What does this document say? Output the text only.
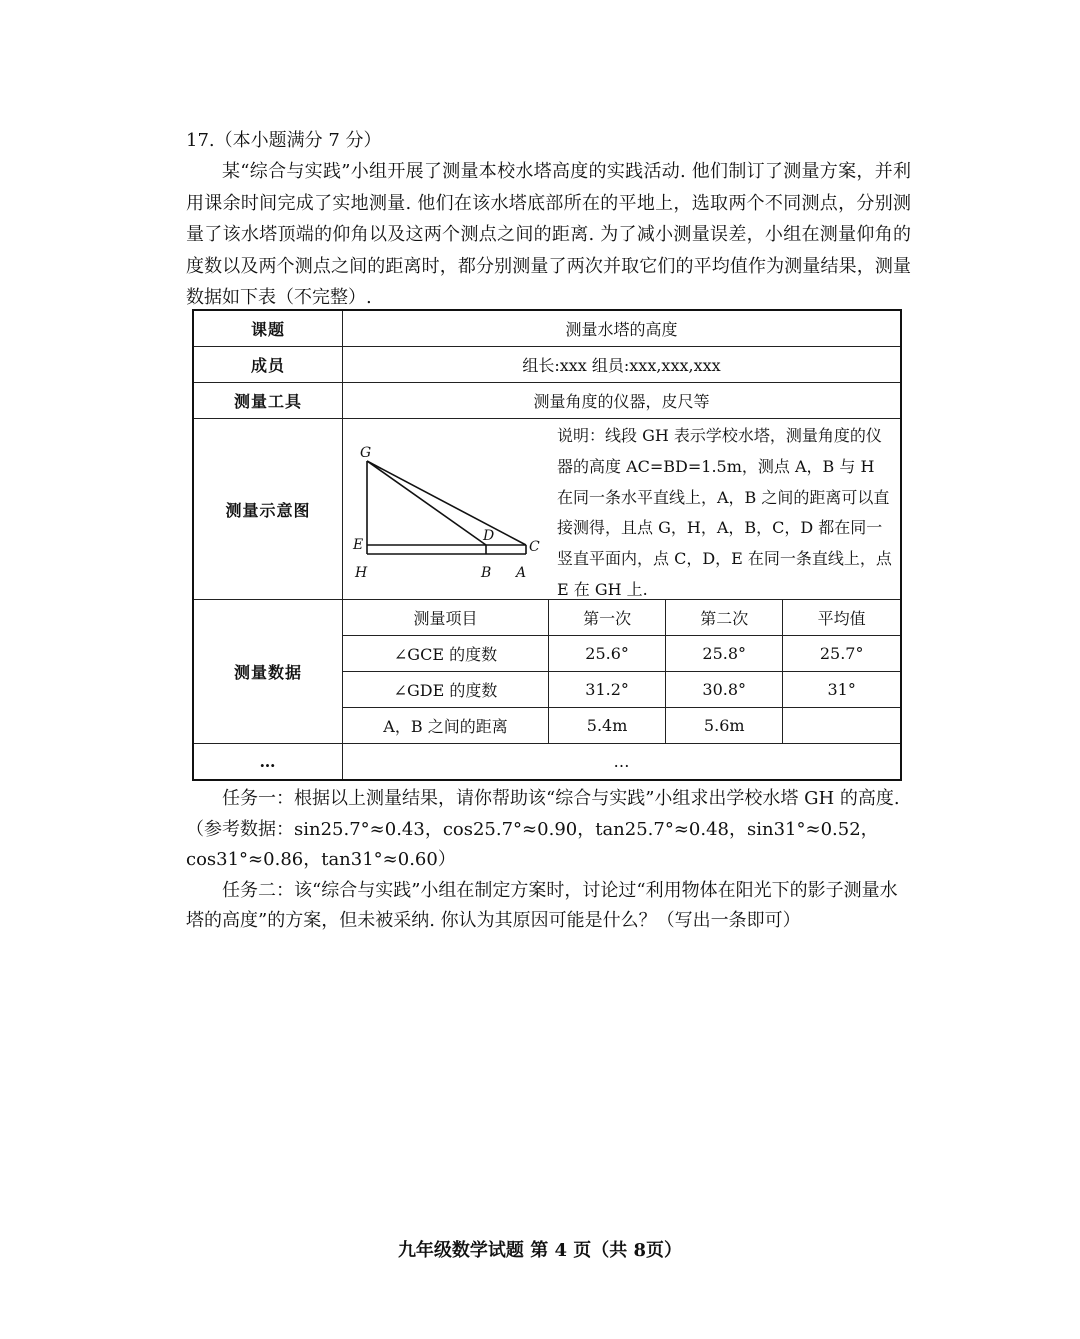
17.（本小题满分 7 分）
某“综合与实践”小组开展了测量本校水塔高度的实践活动. 他们制订了测量方案，并利用课余时间完成了实地测量. 他们在该水塔底部所在的平地上，选取两个不同测点，分别测量了该水塔顶端的仰角以及这两个测点之间的距离. 为了减小测量误差，小组在测量仰角的度数以及两个测点之间的距离时，都分别测量了两次并取它们的平均值作为测量结果，测量数据如下表（不完整）.
课题	测量水塔的高度
成员	组长:xxx 组员:xxx,xxx,xxx
测量工具	测量角度的仪器，皮尺等
测量示意图	
G
E
D
C
H	B A
说明：线段 GH 表示学校水塔，测量角度的仪器的高度 AC=BD=1.5m，测点 A，B 与 H 在同一条水平直线上，A，B 之间的距离可以直接测得，且点 G，H，A，B，C，D 都在同一竖直平面内，点 C，D，E 在同一条直线上，点 E 在 GH 上.

测量数据	
测量项目	第一次	第二次	平均值
∠GCE 的度数	25.6°	25.8°	25.7°
∠GDE 的度数	31.2°	30.8°	31°
A，B 之间的距离	5.4m	5.6m	

…	…

任务一：根据以上测量结果，请你帮助该“综合与实践”小组求出学校水塔 GH 的高度.

（参考数据：sin25.7°≈0.43，cos25.7°≈0.90，tan25.7°≈0.48，sin31°≈0.52，cos31°≈0.86，tan31°≈0.60）

任务二：该“综合与实践”小组在制定方案时，讨论过“利用物体在阳光下的影子测量水塔的高度”的方案，但未被采纳. 你认为其原因可能是什么？（写出一条即可）

九年级数学试题 第 4 页（共 8页）
